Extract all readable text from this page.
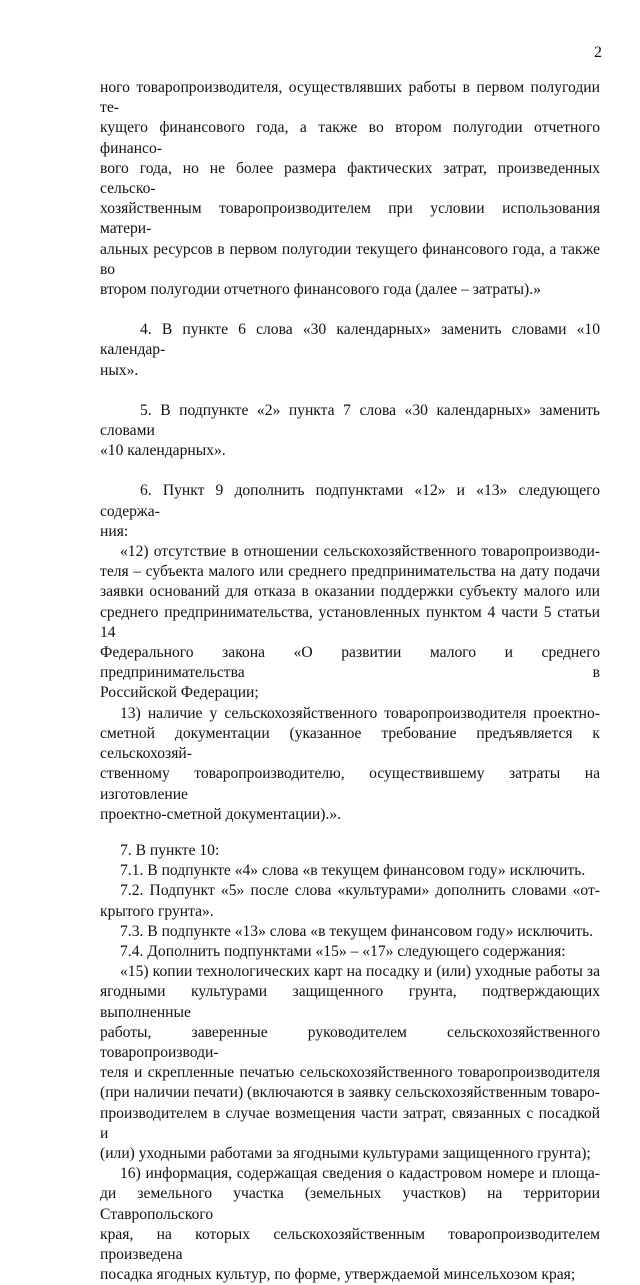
2

ного товаропроизводителя, осуществлявших работы в первом полугодии те-
кущего финансового года, а также во втором полугодии отчетного финансо-
вого года, но не более размера фактических затрат, произведенных сельско-
хозяйственным товаропроизводителем при условии использования матери-
альных ресурсов в первом полугодии текущего финансового года, а также во
втором полугодии отчетного финансового года (далее – затраты).»

4. В пункте 6 слова «30 календарных» заменить словами «10 календар-
ных».

5. В подпункте «2» пункта 7 слова «30 календарных» заменить словами
«10 календарных».

6. Пункт 9 дополнить подпунктами «12» и «13» следующего содержа-
ния:

«12) отсутствие в отношении сельскохозяйственного товаропроизводи-
теля – субъекта малого или среднего предпринимательства на дату подачи
заявки оснований для отказа в оказании поддержки субъекту малого или
среднего предпринимательства, установленных пунктом 4 части 5 статьи 14
Федерального закона «О развитии малого и среднего предпринимательства в
Российской Федерации;

13) наличие у сельскохозяйственного товаропроизводителя проектно-
сметной документации (указанное требование предъявляется к сельскохозяй-
ственному товаропроизводителю, осуществившему затраты на изготовление
проектно-сметной документации).».

7. В пункте 10:

7.1. В подпункте «4» слова «в текущем финансовом году» исключить.

7.2. Подпункт «5» после слова «культурами» дополнить словами «от-
крытого грунта».

7.3. В подпункте «13» слова «в текущем финансовом году» исключить.

7.4. Дополнить подпунктами «15» – «17» следующего содержания:

«15) копии технологических карт на посадку и (или) уходные работы за
ягодными культурами защищенного грунта, подтверждающих выполненные
работы, заверенные руководителем сельскохозяйственного товаропроизводи-
теля и скрепленные печатью сельскохозяйственного товаропроизводителя
(при наличии печати) (включаются в заявку сельскохозяйственным товаро-
производителем в случае возмещения части затрат, связанных с посадкой и
(или) уходными работами за ягодными культурами защищенного грунта);

16) информация, содержащая сведения о кадастровом номере и площа-
ди земельного участка (земельных участков) на территории Ставропольского
края, на которых сельскохозяйственным товаропроизводителем произведена
посадка ягодных культур, по форме, утверждаемой минсельхозом края;
